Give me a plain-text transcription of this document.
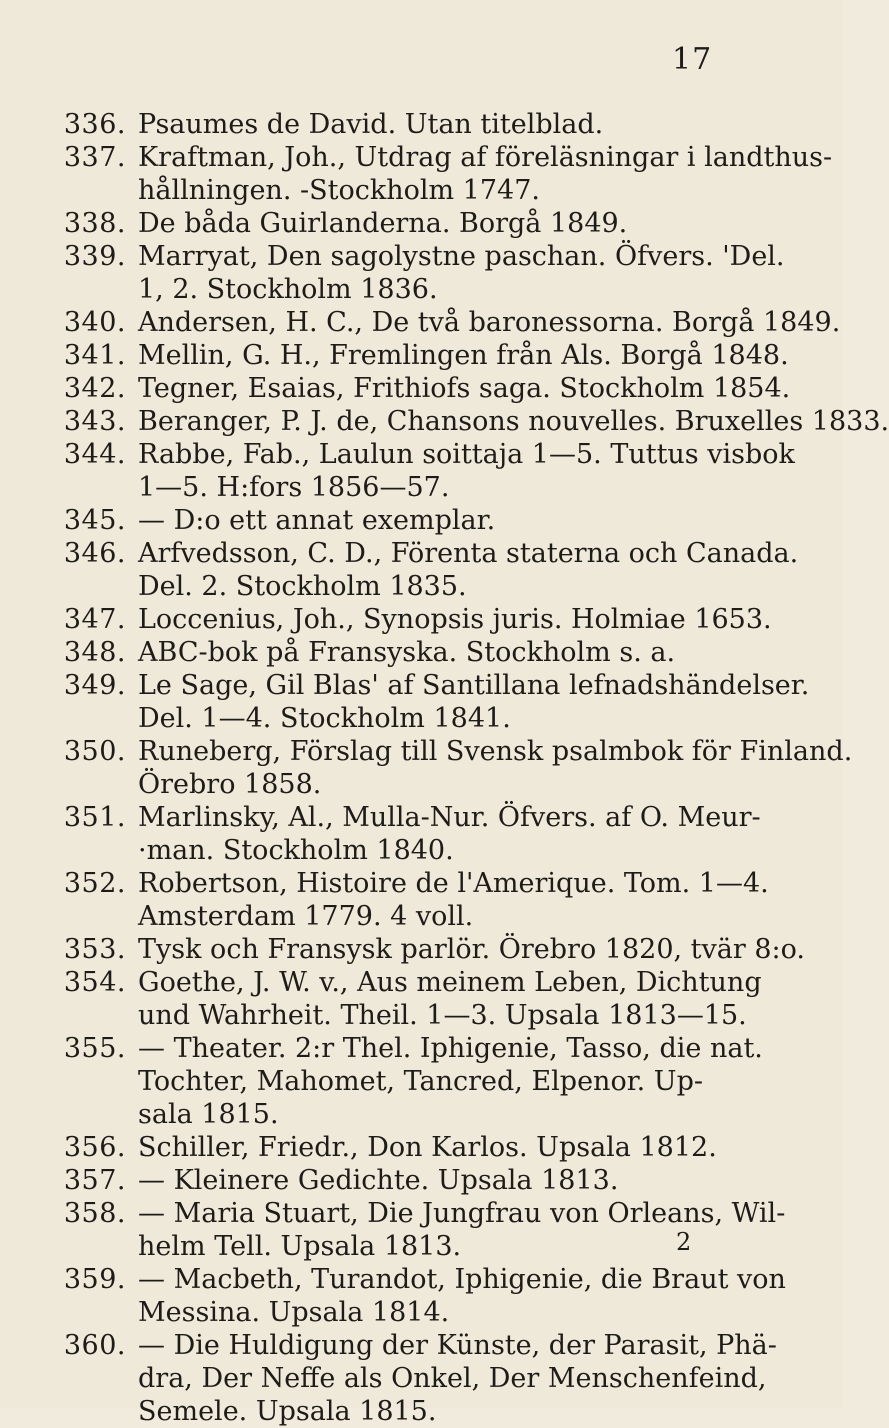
17
336. Psaumes de David. Utan titelblad.
337. Kraftman, Joh., Utdrag af föreläsningar i landthus-
hållningen. -Stockholm 1747.
338. De båda Guirlanderna. Borgå 1849.
339. Marryat, Den sagolystne paschan. Öfvers. 'Del.
1, 2. Stockholm 1836.
340. Andersen, H. C., De två baronessorna. Borgå 1849.
341. Mellin, G. H., Fremlingen från Als. Borgå 1848.
342. Tegner, Esaias, Frithiofs saga. Stockholm 1854.
343. Beranger, P. J. de, Chansons nouvelles. Bruxelles 1833.
344. Rabbe, Fab., Laulun soittaja 1—5. Tuttus visbok
1—5. H:fors 1856—57.
345. — D:o ett annat exemplar.
346. Arfvedsson, C. D., Förenta staterna och Canada.
Del. 2. Stockholm 1835.
347. Loccenius, Joh., Synopsis juris. Holmiae 1653.
348. ABC-bok på Fransyska. Stockholm s. a.
349. Le Sage, Gil Blas' af Santillana lefnadshändelser.
Del. 1—4. Stockholm 1841.
350. Runeberg, Förslag till Svensk psalmbok för Finland.
Örebro 1858.
351. Marlinsky, Al., Mulla-Nur. Öfvers. af O. Meur-
·man. Stockholm 1840.
352. Robertson, Histoire de l'Amerique. Tom. 1—4.
Amsterdam 1779. 4 voll.
353. Tysk och Fransysk parlör. Örebro 1820, tvär 8:o.
354. Goethe, J. W. v., Aus meinem Leben, Dichtung
und Wahrheit. Theil. 1—3. Upsala 1813—15.
355. — Theater. 2:r Thel. Iphigenie, Tasso, die nat.
Tochter, Mahomet, Tancred, Elpenor. Up-
sala 1815.
356. Schiller, Friedr., Don Karlos. Upsala 1812.
357. — Kleinere Gedichte. Upsala 1813.
358. — Maria Stuart, Die Jungfrau von Orleans, Wil-
helm Tell. Upsala 1813.
359. — Macbeth, Turandot, Iphigenie, die Braut von
Messina. Upsala 1814.
360. — Die Huldigung der Künste, der Parasit, Phä-
dra, Der Neffe als Onkel, Der Menschenfeind,
Semele. Upsala 1815.
2
